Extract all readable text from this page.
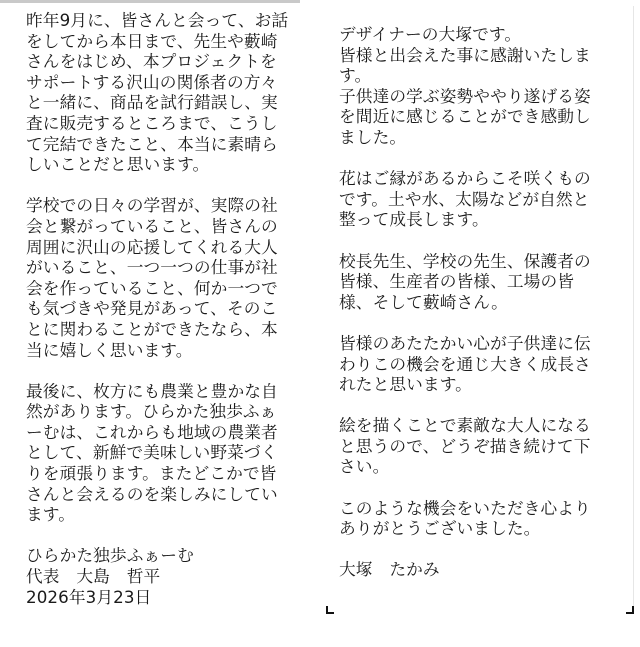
昨年9月に、皆さんと会って、お話
をしてから本日まで、先生や藪崎
さんをはじめ、本プロジェクトを
サポートする沢山の関係者の方々
と一緒に、商品を試行錯誤し、実
査に販売するところまで、こうし
て完結できたこと、本当に素晴ら
しいことだと思います。

学校での日々の学習が、実際の社
会と繋がっていること、皆さんの
周囲に沢山の応援してくれる大人
がいること、一つ一つの仕事が社
会を作っていること、何か一つで
も気づきや発見があって、そのこ
とに関わることができたなら、本
当に嬉しく思います。

最後に、枚方にも農業と豊かな自
然があります。ひらかた独歩ふぁ
ーむは、これからも地域の農業者
として、新鮮で美味しい野菜づく
りを頑張ります。またどこかで皆
さんと会えるのを楽しみにしてい
ます。

ひらかた独歩ふぁーむ

代表　大島　哲平

2026年3月23日

デザイナーの大塚です。
皆様と出会えた事に感謝いたしま
す。
子供達の学ぶ姿勢ややり遂げる姿
を間近に感じることができ感動し
ました。

花はご縁があるからこそ咲くもの
です。土や水、太陽などが自然と
整って成長します。

校長先生、学校の先生、保護者の
皆様、生産者の皆様、工場の皆
様、そして藪崎さん。

皆様のあたたかい心が子供達に伝
わりこの機会を通じ大きく成長さ
れたと思います。

絵を描くことで素敵な大人になる
と思うので、どうぞ描き続けて下
さい。

このような機会をいただき心より
ありがとうございました。

大塚　たかみ
